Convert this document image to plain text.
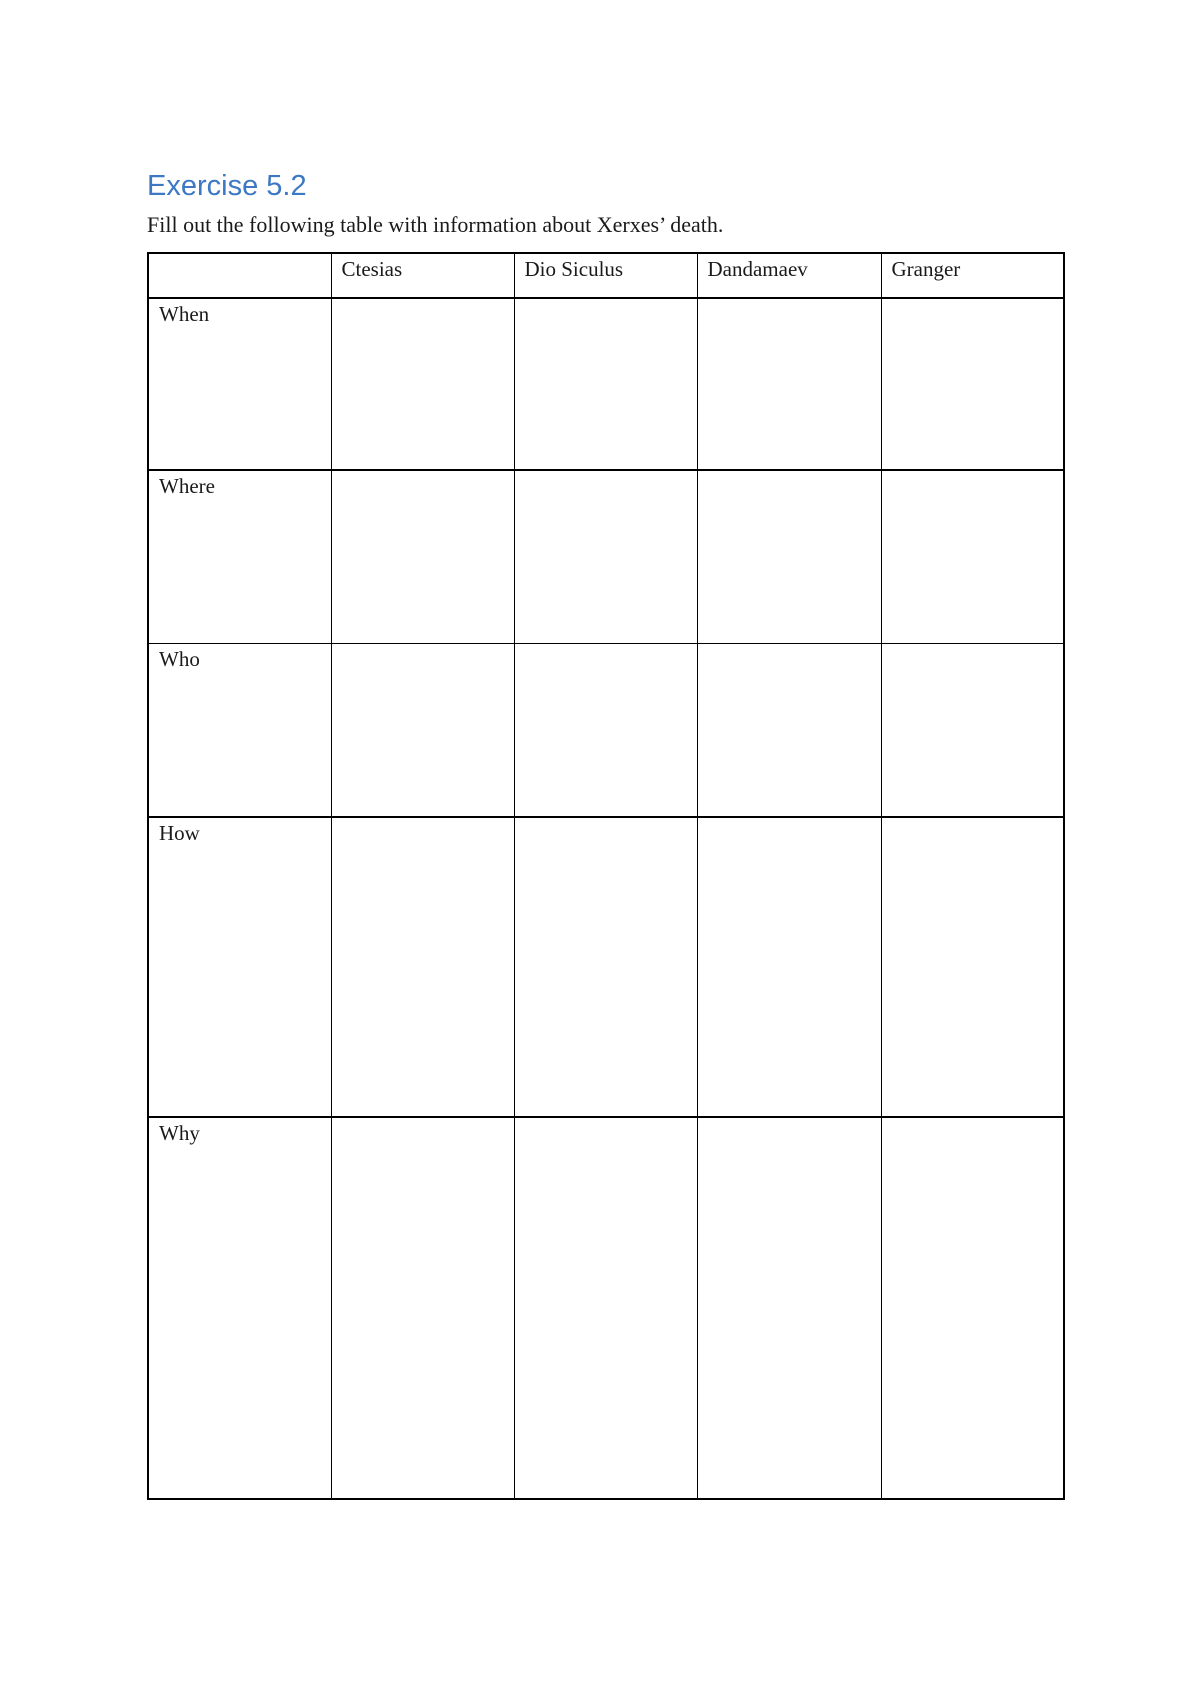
Exercise 5.2

Fill out the following table with information about Xerxes’ death.

	Ctesias	Dio Siculus	Dandamaev	Granger
When				
Where				
Who				
How				
Why				
